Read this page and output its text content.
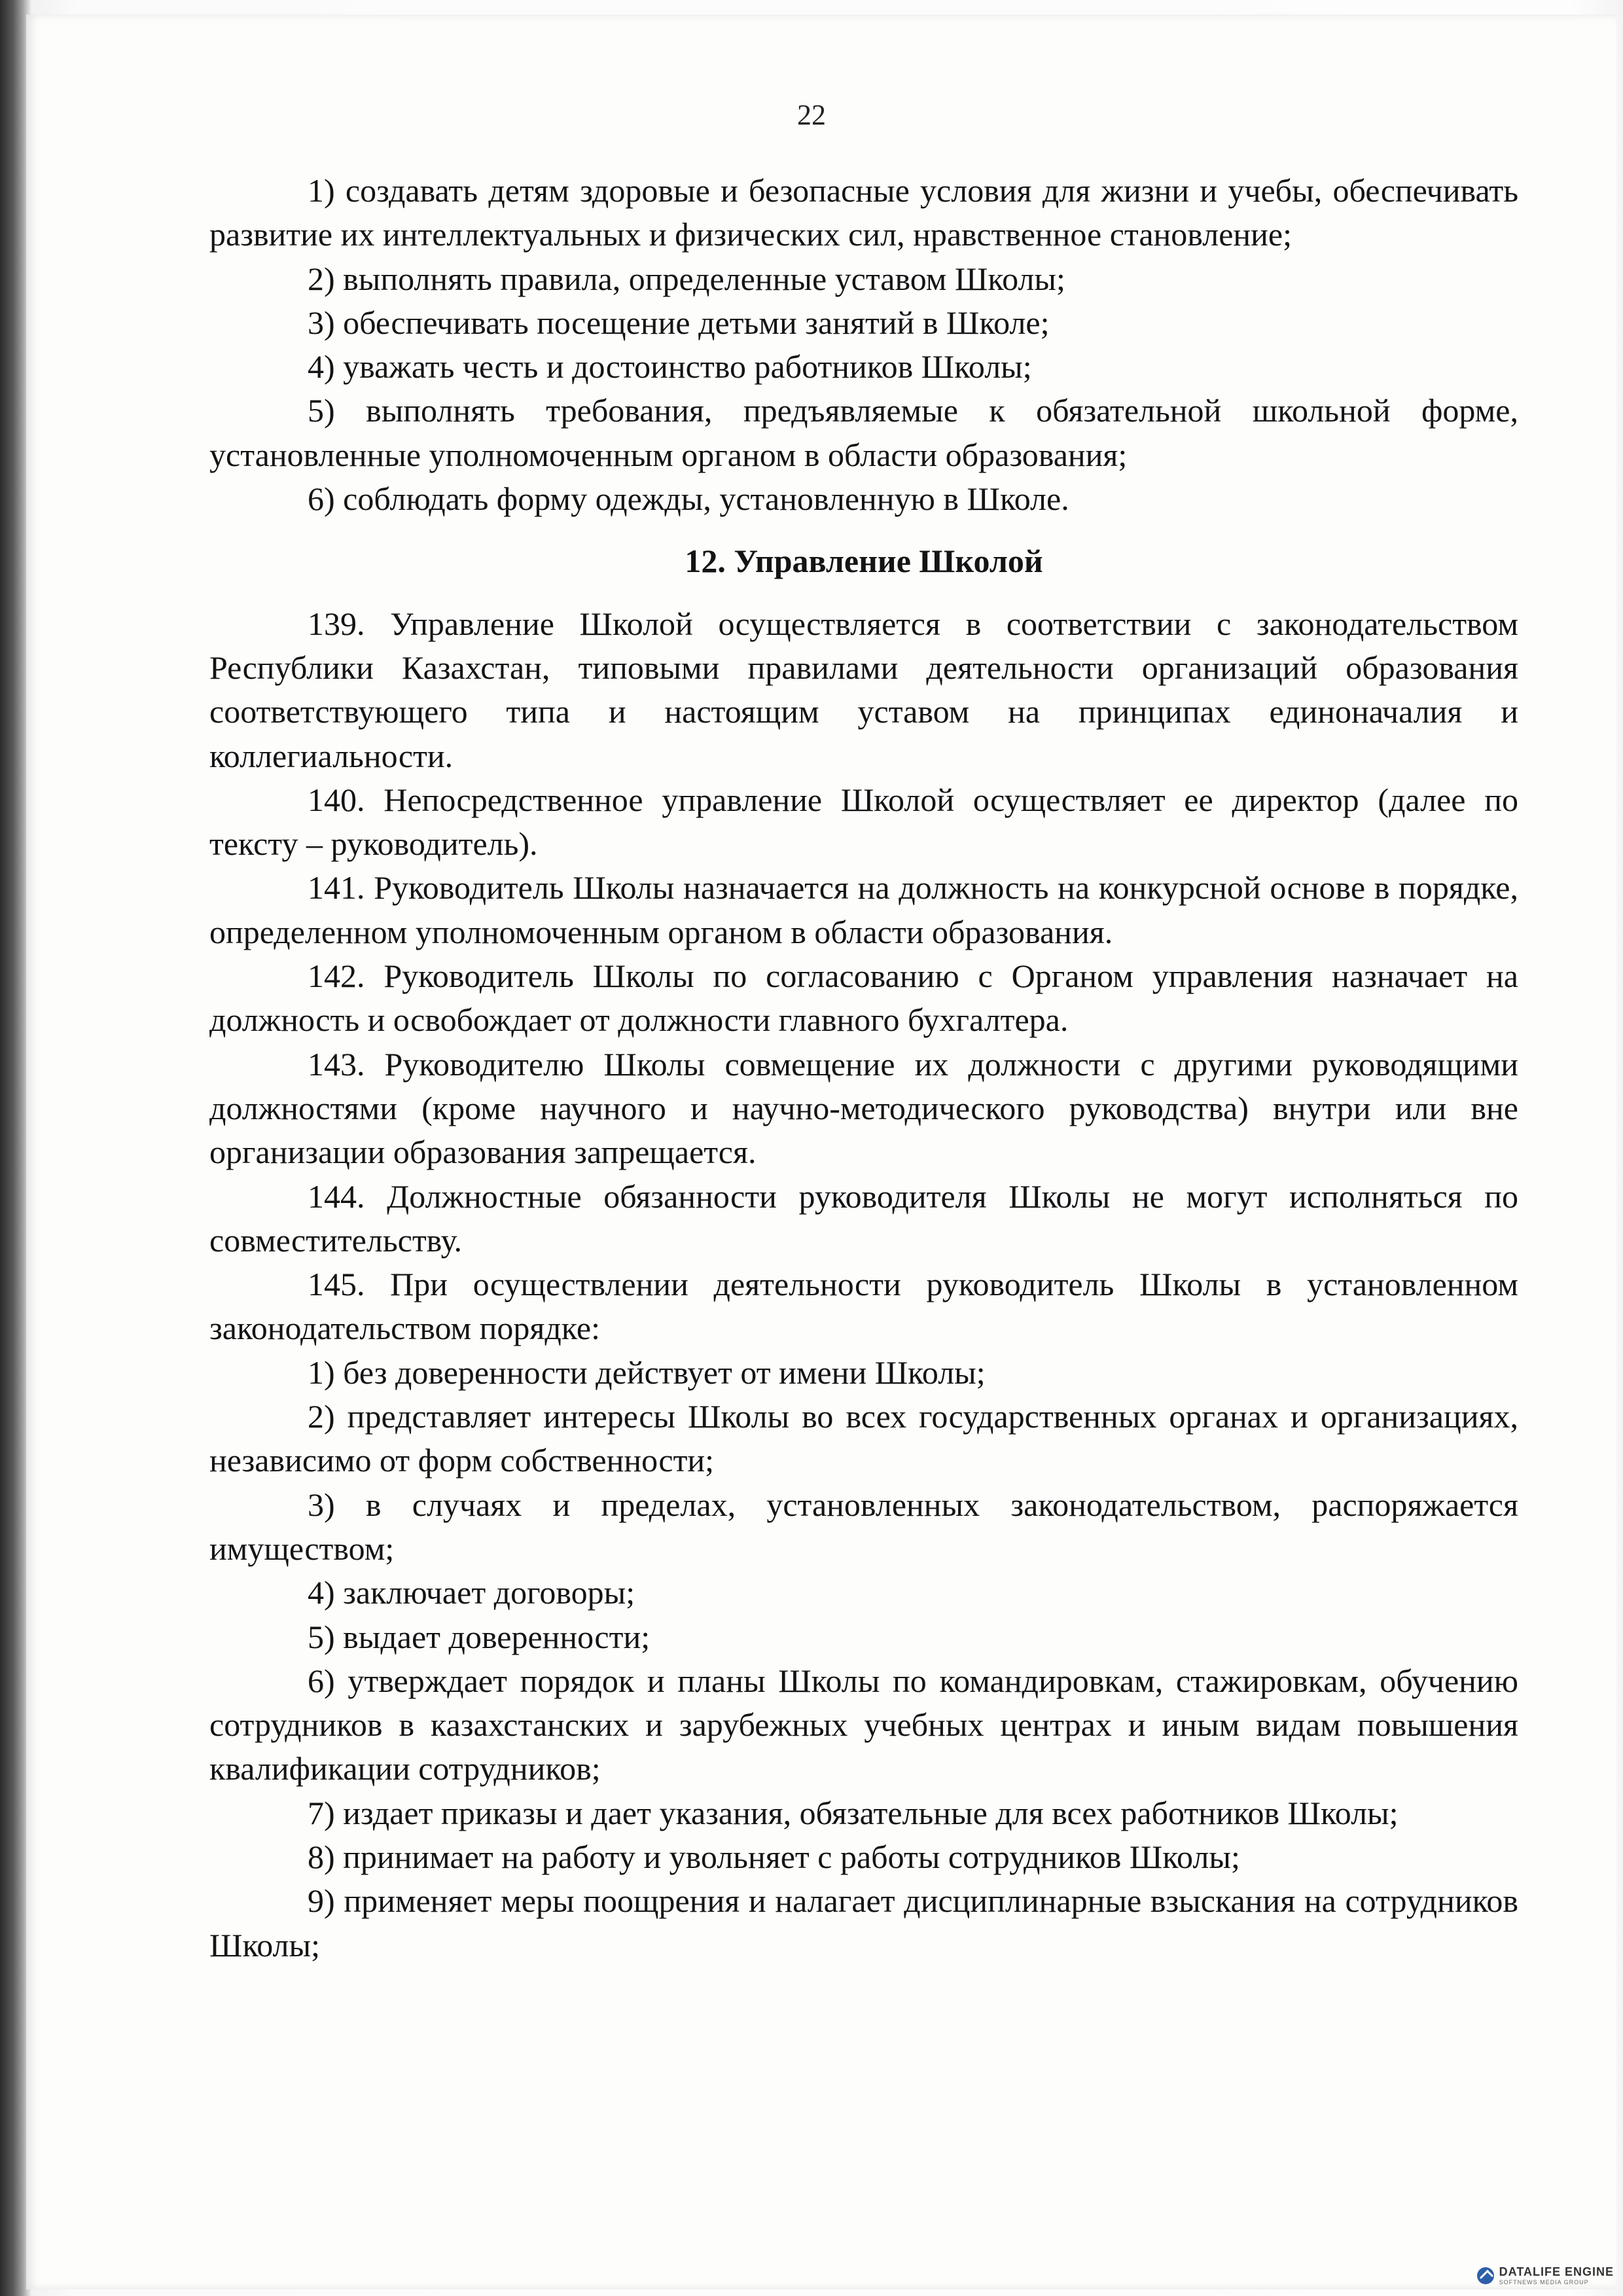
22

1) создавать детям здоровые и безопасные условия для жизни и учебы, обеспечивать развитие их интеллектуальных и физических сил, нравственное становление;

2) выполнять правила, определенные уставом Школы;

3) обеспечивать посещение детьми занятий в Школе;

4) уважать честь и достоинство работников Школы;

5) выполнять требования, предъявляемые к обязательной школьной форме, установленные уполномоченным органом в области образования;

6) соблюдать форму одежды, установленную в Школе.

12. Управление Школой

139. Управление Школой осуществляется в соответствии с законодательством Республики Казахстан, типовыми правилами деятельности организаций образования соответствующего типа и настоящим уставом на принципах единоначалия и коллегиальности.

140. Непосредственное управление Школой осуществляет ее директор (далее по тексту – руководитель).

141. Руководитель Школы назначается на должность на конкурсной основе в порядке, определенном уполномоченным органом в области образования.

142. Руководитель Школы по согласованию с Органом управления назначает на должность и освобождает от должности главного бухгалтера.

143. Руководителю Школы совмещение их должности с другими руководящими должностями (кроме научного и научно-методического руководства) внутри или вне организации образования запрещается.

144. Должностные обязанности руководителя Школы не могут исполняться по совместительству.

145. При осуществлении деятельности руководитель Школы в установленном законодательством порядке:

1) без доверенности действует от имени Школы;

2) представляет интересы Школы во всех государственных органах и организациях, независимо от форм собственности;

3) в случаях и пределах, установленных законодательством, распоряжается имуществом;

4) заключает договоры;

5) выдает доверенности;

6) утверждает порядок и планы Школы по командировкам, стажировкам, обучению сотрудников в казахстанских и зарубежных учебных центрах и иным видам повышения квалификации сотрудников;

7) издает приказы и дает указания, обязательные для всех работников Школы;

8) принимает на работу и увольняет с работы сотрудников Школы;

9) применяет меры поощрения и налагает дисциплинарные взыскания на сотрудников Школы;

DATALIFE ENGINE
SOFTNEWS MEDIA GROUP
